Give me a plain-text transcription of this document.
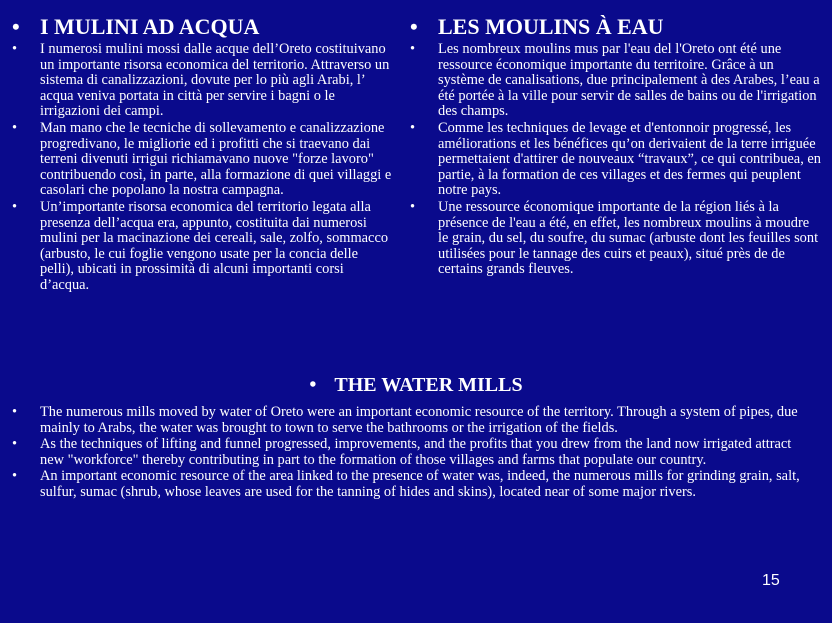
• I MULINI AD ACQUA
•	I numerosi mulini mossi dalle acque dell’Oreto costituivano un importante risorsa economica del territorio. Attraverso un sistema di canalizzazioni, dovute per lo più agli Arabi, l’ acqua veniva portata in città per servire i bagni o le irrigazioni dei campi.
•	Man mano che le tecniche di sollevamento e canalizzazione progredivano, le migliorie ed i profitti che si traevano dai terreni divenuti irrigui richiamavano nuove "forze lavoro" contribuendo così, in parte, alla formazione di quei villaggi e casolari che popolano la nostra campagna.
•	Un’importante risorsa economica del territorio legata alla presenza dell’acqua era, appunto, costituita dai numerosi mulini per la macinazione dei cereali, sale, zolfo, sommacco (arbusto, le cui foglie vengono usate per la concia delle pelli), ubicati in prossimità di alcuni importanti corsi d’acqua.
• LES MOULINS À EAU
•	Les nombreux moulins mus par l'eau del l'Oreto ont été une ressource économique importante du territoire. Grâce à un système de canalisations, due principalement à des Arabes, l’eau a été portée à la ville pour servir de salles de bains ou de l'irrigation des champs.
•	Comme les techniques de levage et d'entonnoir progressé, les améliorations et les bénéfices qu’on derivaient de la terre irriguée permettaient d'attirer de nouveaux “travaux”, ce qui contribuea, en partie, à la formation de ces villages et des fermes qui peuplent notre pays.
•	Une ressource économique importante de la région liés à la présence de l'eau a été, en effet, les nombreux moulins à moudre le grain, du sel, du soufre, du sumac (arbuste dont les feuilles sont utilisées pour le tannage des cuirs et peaux), situé près de de certains grands fleuves.
• THE WATER MILLS
•	The numerous mills moved by water of Oreto were an important economic resource of the territory. Through a system of pipes, due mainly to Arabs, the water was brought to town to serve the bathrooms or the irrigation of the fields.
•	As the techniques of lifting and funnel progressed, improvements, and the profits that you drew from the land now irrigated attract new "workforce" thereby contributing in part to the formation of those villages and farms that populate our country.
•	An important economic resource of the area linked to the presence of water was, indeed, the numerous mills for grinding grain, salt, sulfur, sumac (shrub, whose leaves are used for the tanning of hides and skins), located near of some major rivers.
15
